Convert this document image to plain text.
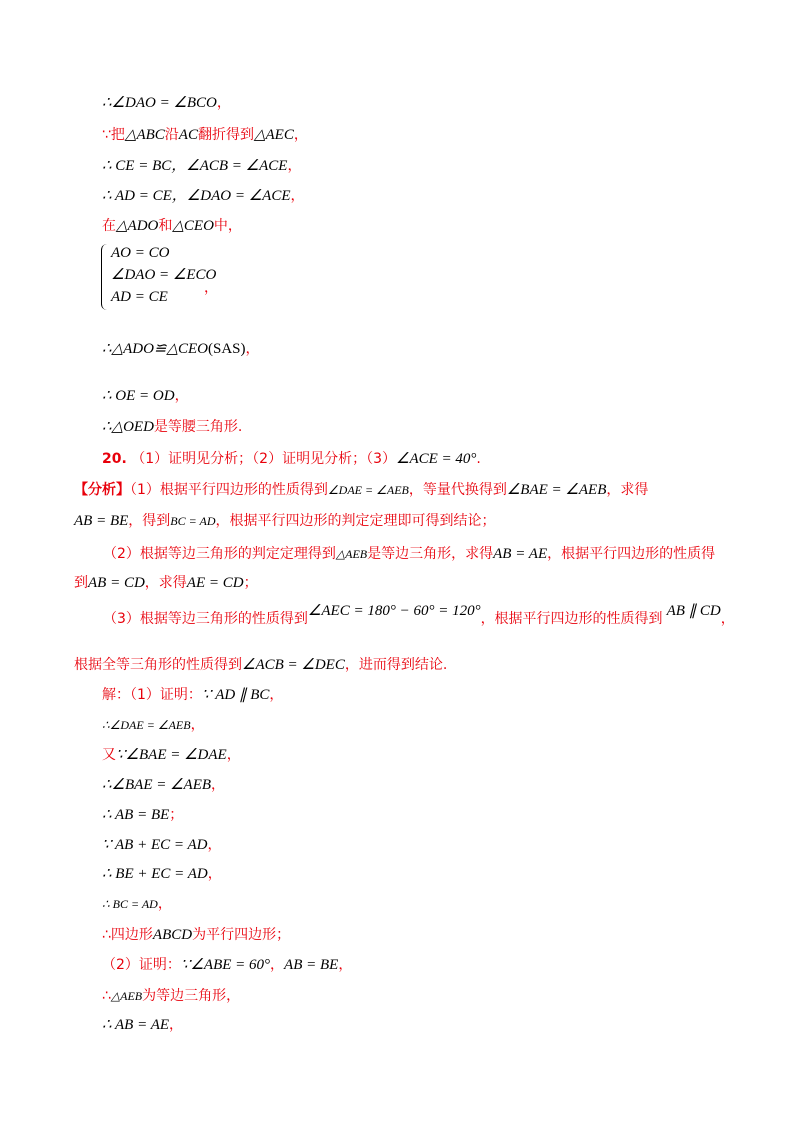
∴∠DAO = ∠BCO，
∵把△ABC沿AC翻折得到△AEC，
∴ CE = BC，∠ACB = ∠ACE，
∴ AD = CE，∠DAO = ∠ACE，
在△ADO和△CEO中，
AO = CO
∠DAO = ∠ECO
AD = CE
，
∴△ADO≌△CEO(SAS)，
∴ OE = OD，
∴△OED是等腰三角形.
20. （1）证明见分析；（2）证明见分析；（3）∠ACE = 40°.
【分析】（1）根据平行四边形的性质得到∠DAE = ∠AEB，等量代换得到∠BAE = ∠AEB，求得
AB = BE，得到BC = AD，根据平行四边形的判定定理即可得到结论；
（2）根据等边三角形的判定定理得到△AEB是等边三角形，求得AB = AE，根据平行四边形的性质得
到AB = CD，求得AE = CD；
（3）根据等边三角形的性质得到∠AEC = 180° − 60° = 120°，根据平行四边形的性质得到 AB ∥ CD，
根据全等三角形的性质得到∠ACB = ∠DEC，进而得到结论.
解：（1）证明：∵ AD ∥ BC，
∴∠DAE = ∠AEB，
又∵∠BAE = ∠DAE，
∴∠BAE = ∠AEB，
∴ AB = BE；
∵ AB + EC = AD，
∴ BE + EC = AD，
∴ BC = AD，
∴四边形ABCD为平行四边形；
（2）证明：∵∠ABE = 60°，AB = BE，
∴△AEB为等边三角形，
∴ AB = AE，
